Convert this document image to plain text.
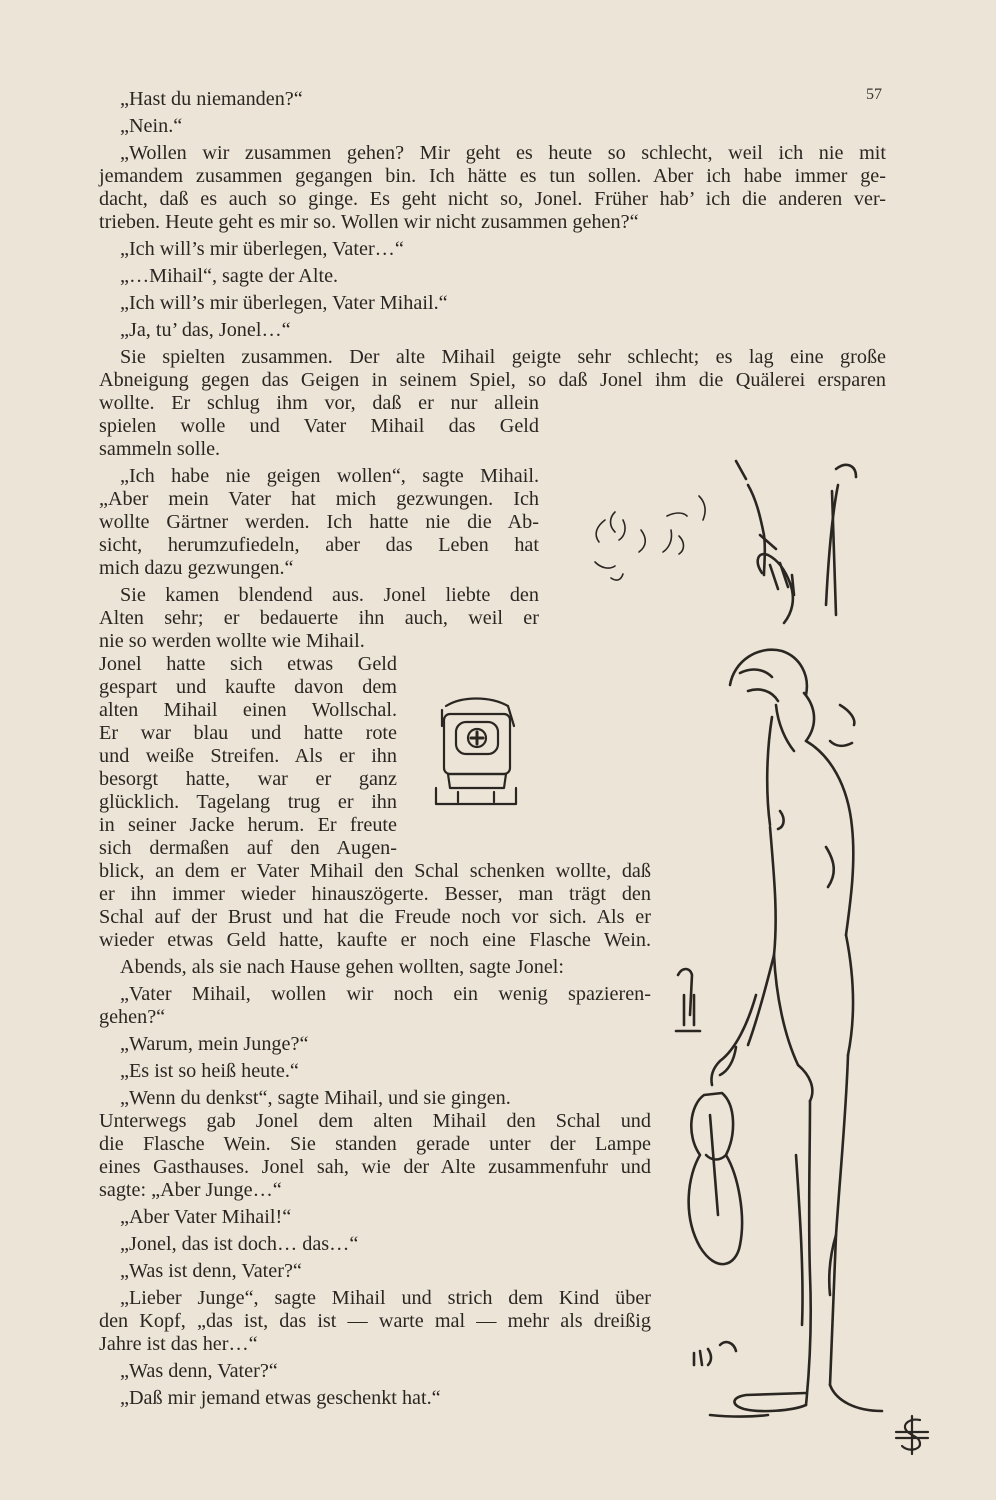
57
„Hast du niemanden?“
„Nein.“
„Wollen wir zusammen gehen? Mir geht es heute so schlecht, weil ich nie mit
jemandem zusammen gegangen bin. Ich hätte es tun sollen. Aber ich habe immer ge-
dacht, daß es auch so ginge. Es geht nicht so, Jonel. Früher hab’ ich die anderen ver-
trieben. Heute geht es mir so. Wollen wir nicht zusammen gehen?“
„Ich will’s mir überlegen, Vater…“
„…Mihail“, sagte der Alte.
„Ich will’s mir überlegen, Vater Mihail.“
„Ja, tu’ das, Jonel…“
Sie spielten zusammen. Der alte Mihail geigte sehr schlecht; es lag eine große
Abneigung gegen das Geigen in seinem Spiel, so daß Jonel ihm die Quälerei ersparen
wollte. Er schlug ihm vor, daß er nur allein
spielen wolle und Vater Mihail das Geld
sammeln solle.
„Ich habe nie geigen wollen“, sagte Mihail.
„Aber mein Vater hat mich gezwungen. Ich
wollte Gärtner werden. Ich hatte nie die Ab-
sicht, herumzufiedeln, aber das Leben hat
mich dazu gezwungen.“
Sie kamen blendend aus. Jonel liebte den
Alten sehr; er bedauerte ihn auch, weil er
nie so werden wollte wie Mihail.
Jonel hatte sich etwas Geld
gespart und kaufte davon dem
alten Mihail einen Wollschal.
Er war blau und hatte rote
und weiße Streifen. Als er ihn
besorgt hatte, war er ganz
glücklich. Tagelang trug er ihn
in seiner Jacke herum. Er freute
sich dermaßen auf den Augen-
blick, an dem er Vater Mihail den Schal schenken wollte, daß
er ihn immer wieder hinauszögerte. Besser, man trägt den
Schal auf der Brust und hat die Freude noch vor sich. Als er
wieder etwas Geld hatte, kaufte er noch eine Flasche Wein.
Abends, als sie nach Hause gehen wollten, sagte Jonel:
„Vater Mihail, wollen wir noch ein wenig spazieren-
gehen?“
„Warum, mein Junge?“
„Es ist so heiß heute.“
„Wenn du denkst“, sagte Mihail, und sie gingen.
Unterwegs gab Jonel dem alten Mihail den Schal und
die Flasche Wein. Sie standen gerade unter der Lampe
eines Gasthauses. Jonel sah, wie der Alte zusammenfuhr und
sagte: „Aber Junge…“
„Aber Vater Mihail!“
„Jonel, das ist doch… das…“
„Was ist denn, Vater?“
„Lieber Junge“, sagte Mihail und strich dem Kind über
den Kopf, „das ist, das ist — warte mal — mehr als dreißig
Jahre ist das her…“
„Was denn, Vater?“
„Daß mir jemand etwas geschenkt hat.“
